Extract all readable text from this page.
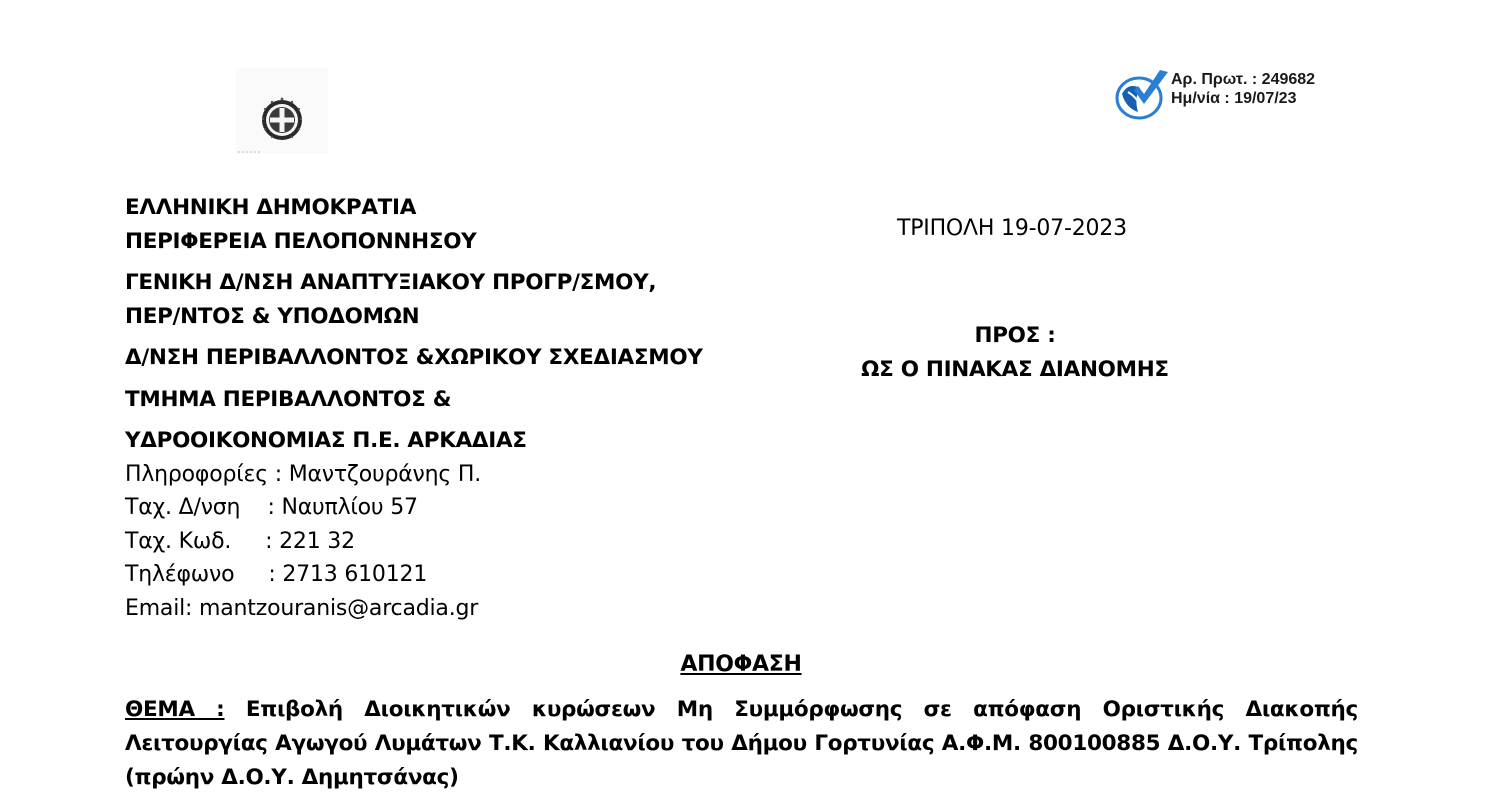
Αρ. Πρωτ. : 249682
Ημ/νία : 19/07/23
ΕΛΛΗΝΙΚΗ ΔΗΜΟΚΡΑΤΙΑ
ΠΕΡΙΦΕΡΕΙΑ ΠΕΛΟΠΟΝΝΗΣΟΥ
ΓΕΝΙΚΗ Δ/ΝΣΗ ΑΝΑΠΤΥΞΙΑΚΟΥ ΠΡΟΓΡ/ΣΜΟΥ,
ΠΕΡ/ΝΤΟΣ & ΥΠΟΔΟΜΩΝ
Δ/ΝΣΗ ΠΕΡΙΒΑΛΛΟΝΤΟΣ &ΧΩΡΙΚΟΥ ΣΧΕΔΙΑΣΜΟΥ
ΤΜΗΜΑ ΠΕΡΙΒΑΛΛΟΝΤΟΣ &
ΥΔΡΟΟΙΚΟΝΟΜΙΑΣ Π.Ε. ΑΡΚΑΔΙΑΣ
Πληροφορίες : Μαντζουράνης Π.
Ταχ. Δ/νση    : Ναυπλίου 57
Ταχ. Κωδ.     : 221 32
Τηλέφωνο     : 2713 610121
Email: mantzouranis@arcadia.gr
ΤΡΙΠΟΛΗ 19-07-2023
ΠΡΟΣ :
ΩΣ Ο ΠΙΝΑΚΑΣ ΔΙΑΝΟΜΗΣ
ΑΠΟΦΑΣΗ
ΘΕΜΑ : Επιβολή Διοικητικών κυρώσεων Μη Συμμόρφωσης σε απόφαση Οριστικής Διακοπής Λειτουργίας Αγωγού Λυμάτων Τ.Κ. Καλλιανίου του Δήμου Γορτυνίας Α.Φ.Μ. 800100885 Δ.Ο.Υ. Τρίπολης (πρώην Δ.Ο.Υ. Δημητσάνας)
